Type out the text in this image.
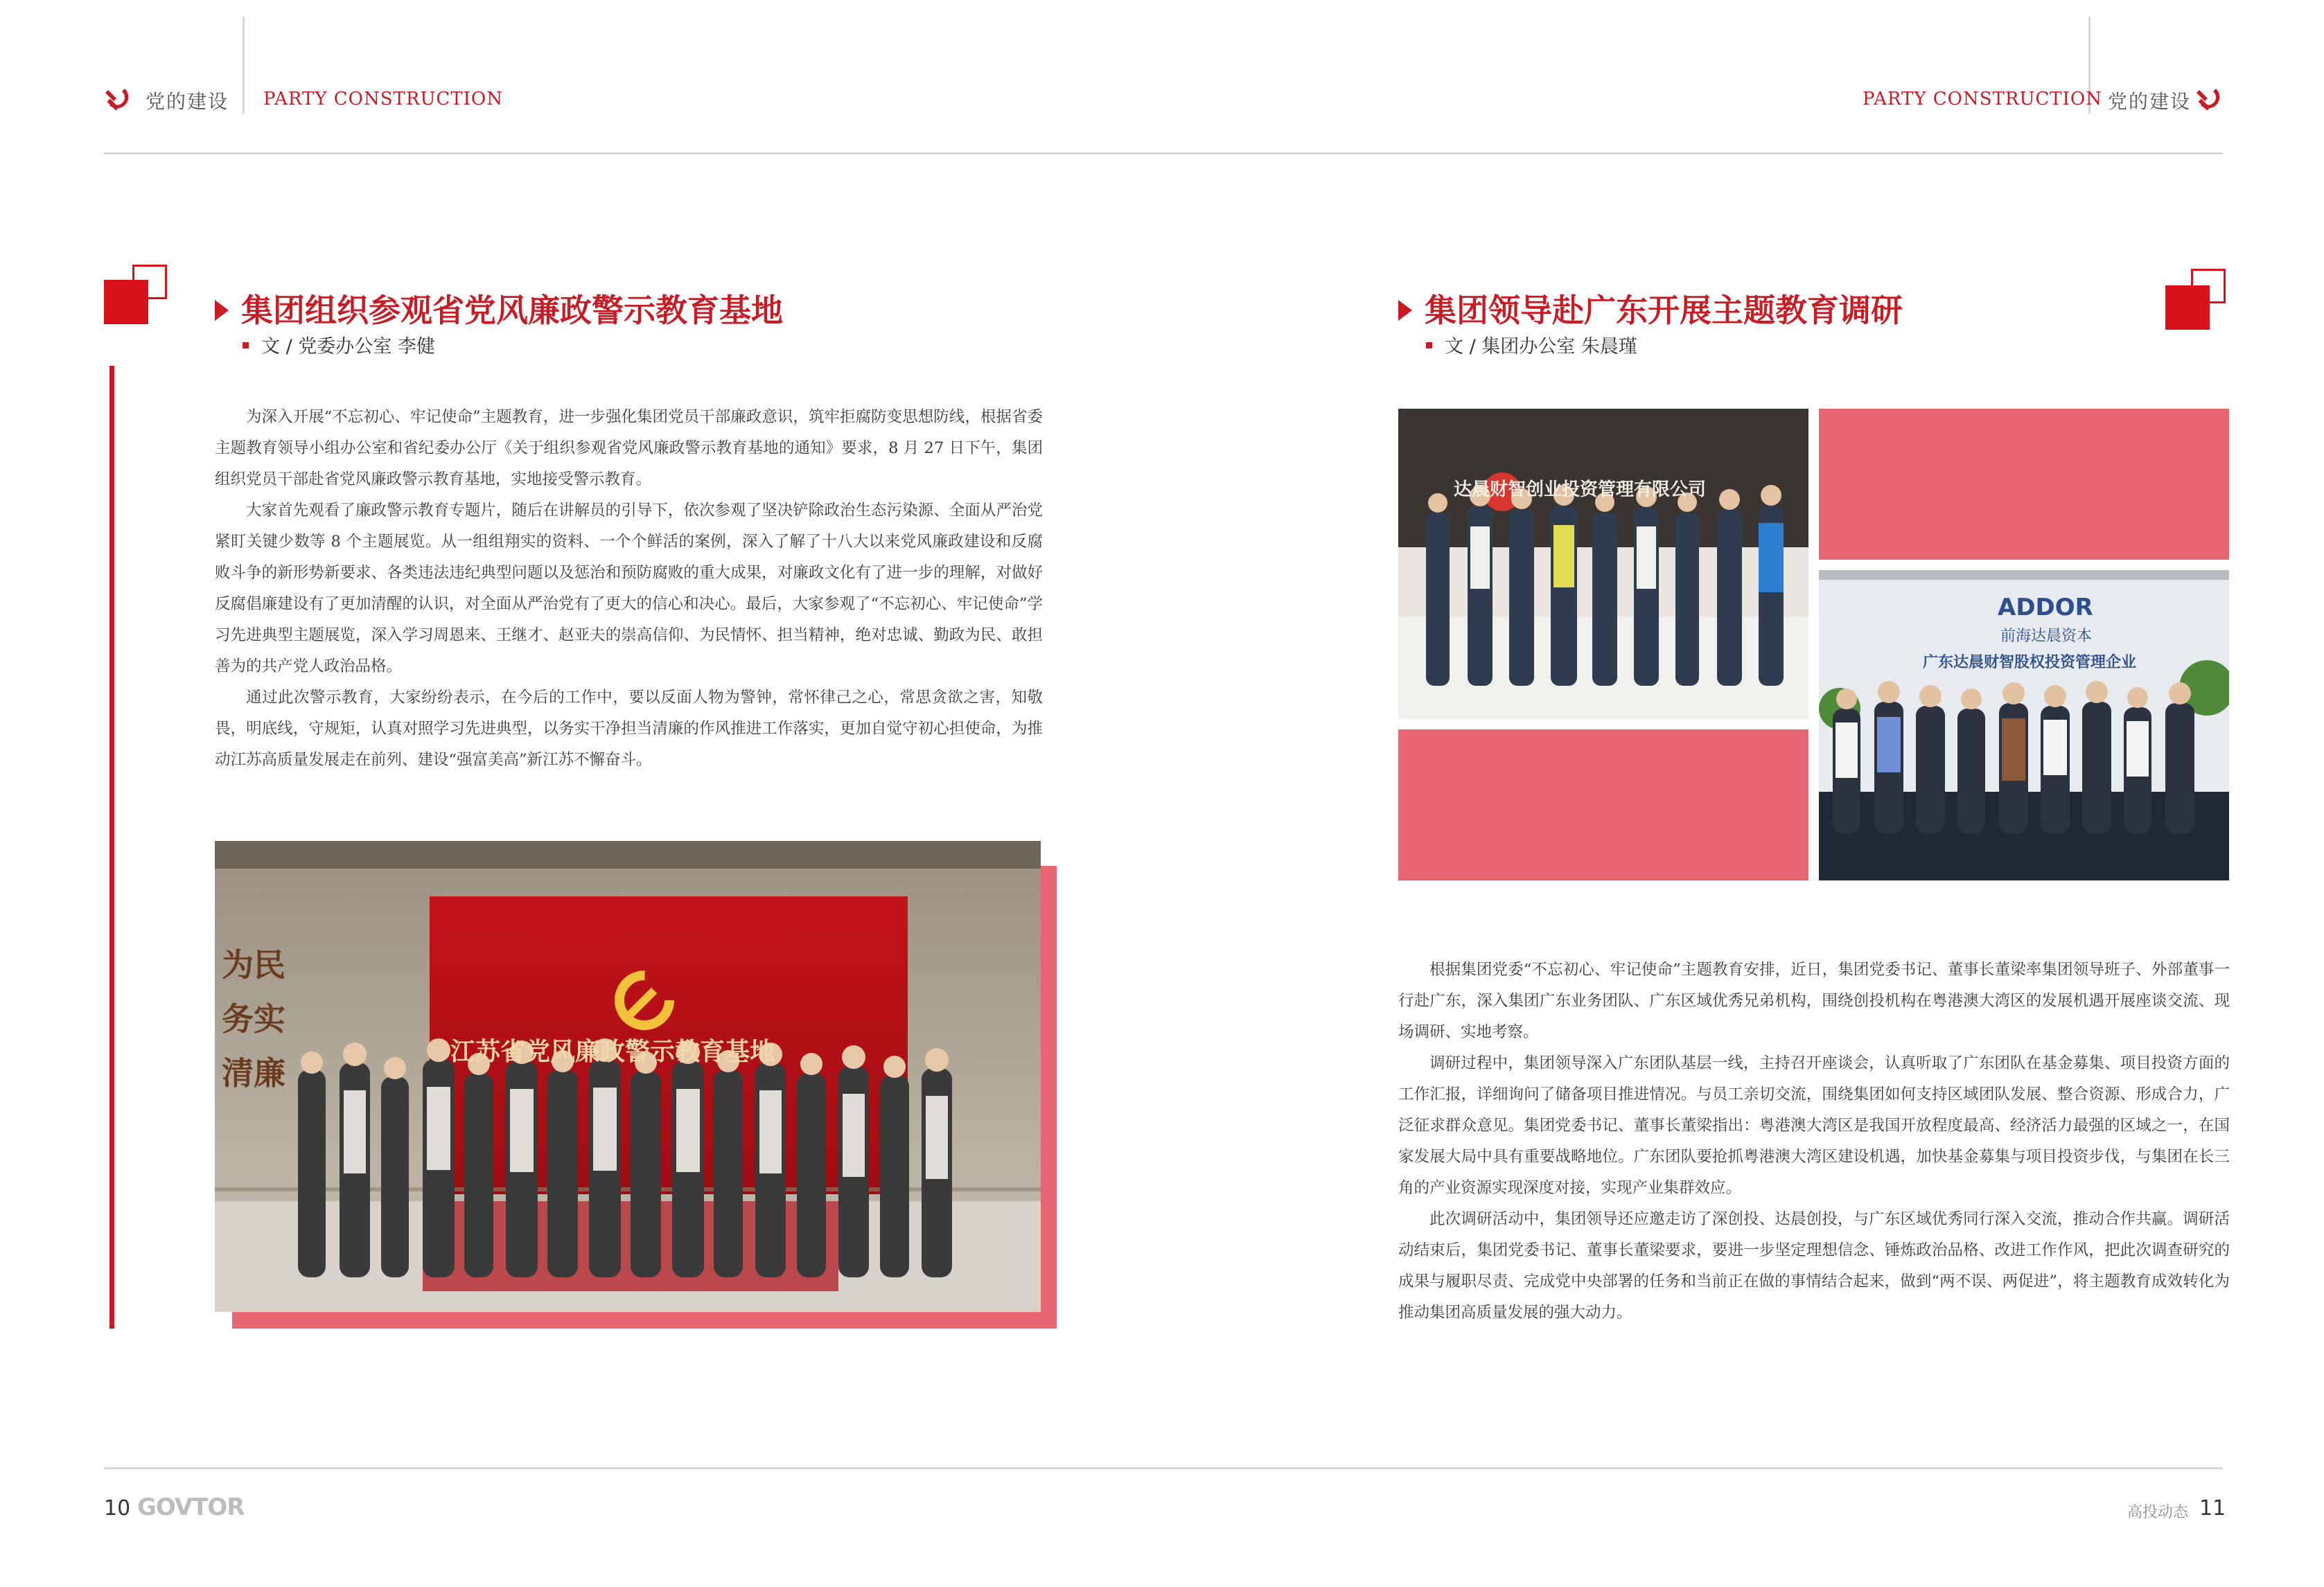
党的建设 PARTY CONSTRUCTION	PARTY CONSTRUCTION 党的建设
集团组织参观省党风廉政警示教育基地
文 / 党委办公室 李健

为深入开展“不忘初心、牢记使命”主题教育，进一步强化集团党员干部廉政意识，筑牢拒腐防变思想防线，根据省委主题教育领导小组办公室和省纪委办公厅《关于组织参观省党风廉政警示教育基地的通知》要求，8 月 27 日下午，集团组织党员干部赴省党风廉政警示教育基地，实地接受警示教育。

大家首先观看了廉政警示教育专题片，随后在讲解员的引导下，依次参观了坚决铲除政治生态污染源、全面从严治党紧盯关键少数等 8 个主题展览。从一组组翔实的资料、一个个鲜活的案例，深入了解了十八大以来党风廉政建设和反腐败斗争的新形势新要求、各类违法违纪典型问题以及惩治和预防腐败的重大成果，对廉政文化有了进一步的理解，对做好反腐倡廉建设有了更加清醒的认识，对全面从严治党有了更大的信心和决心。最后，大家参观了“不忘初心、牢记使命”学习先进典型主题展览，深入学习周恩来、王继才、赵亚夫的崇高信仰、为民情怀、担当精神，绝对忠诚、勤政为民、敢担善为的共产党人政治品格。

通过此次警示教育，大家纷纷表示，在今后的工作中，要以反面人物为警钟，常怀律己之心，常思贪欲之害，知敬畏，明底线，守规矩，认真对照学习先进典型，以务实干净担当清廉的作风推进工作落实，更加自觉守初心担使命，为推动江苏高质量发展走在前列、建设“强富美高”新江苏不懈奋斗。

为民
务实
清廉
江苏省党风廉政警示教育基地
集团领导赴广东开展主题教育调研
文 / 集团办公室 朱晨瑾
达晨财智创业投资管理有限公司
ADDOR
前海达晨资本
广东达晨财智股权投资管理企业

根据集团党委“不忘初心、牢记使命”主题教育安排，近日，集团党委书记、董事长董梁率集团领导班子、外部董事一行赴广东，深入集团广东业务团队、广东区域优秀兄弟机构，围绕创投机构在粤港澳大湾区的发展机遇开展座谈交流、现场调研、实地考察。

调研过程中，集团领导深入广东团队基层一线，主持召开座谈会，认真听取了广东团队在基金募集、项目投资方面的工作汇报，详细询问了储备项目推进情况。与员工亲切交流，围绕集团如何支持区域团队发展、整合资源、形成合力，广泛征求群众意见。集团党委书记、董事长董梁指出：粤港澳大湾区是我国开放程度最高、经济活力最强的区域之一，在国家发展大局中具有重要战略地位。广东团队要抢抓粤港澳大湾区建设机遇，加快基金募集与项目投资步伐，与集团在长三角的产业资源实现深度对接，实现产业集群效应。

此次调研活动中，集团领导还应邀走访了深创投、达晨创投，与广东区域优秀同行深入交流，推动合作共赢。调研活动结束后，集团党委书记、董事长董梁要求，要进一步坚定理想信念、锤炼政治品格、改进工作作风，把此次调查研究的成果与履职尽责、完成党中央部署的任务和当前正在做的事情结合起来，做到“两不误、两促进”，将主题教育成效转化为推动集团高质量发展的强大动力。

10 GOVTOR	高投动态 11
